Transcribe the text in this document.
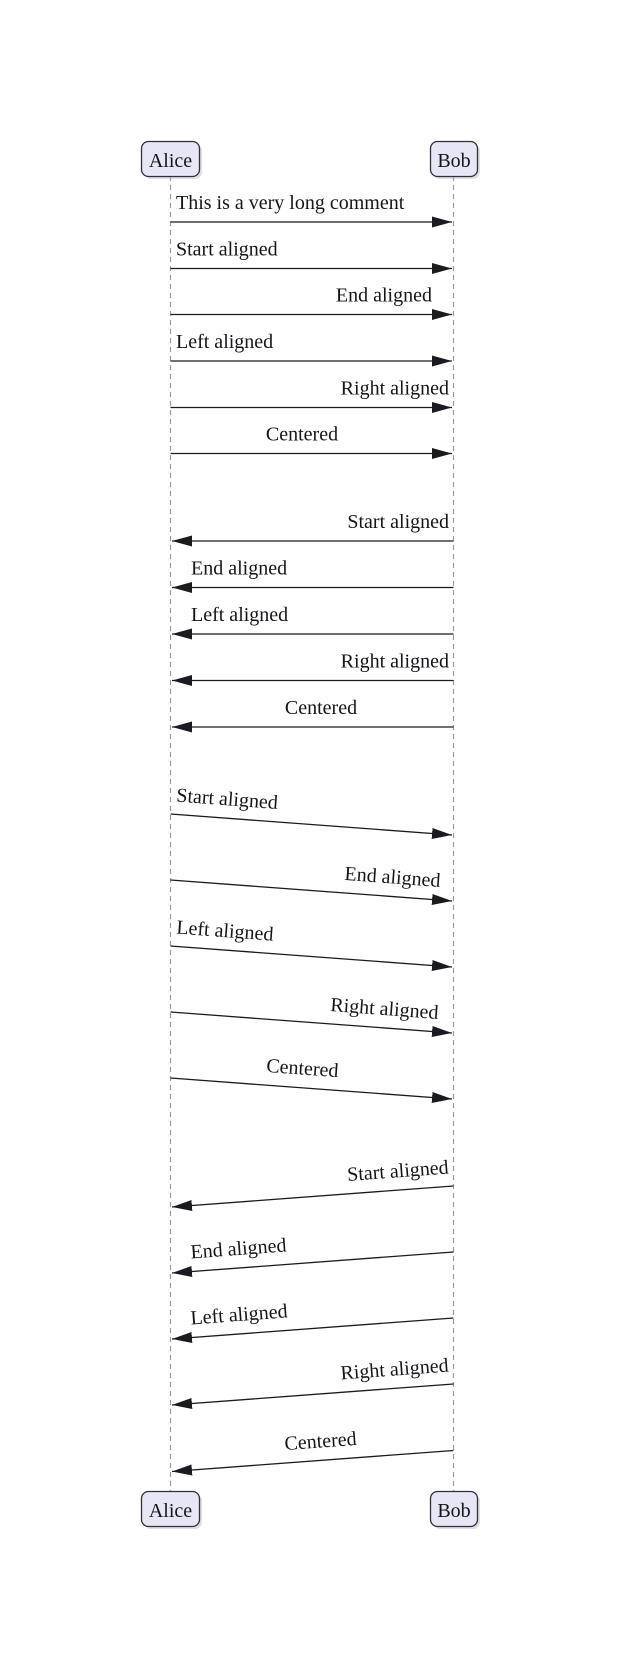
Alice	Bob
This is a very long comment
Start aligned
End aligned
Left aligned
Right aligned
Centered
Start aligned
End aligned
Left aligned
Right aligned
Centered
Start aligned
End aligned
Left aligned
Right aligned
Centered
Start aligned
End aligned
Left aligned
Right aligned
Centered
Alice	Bob
